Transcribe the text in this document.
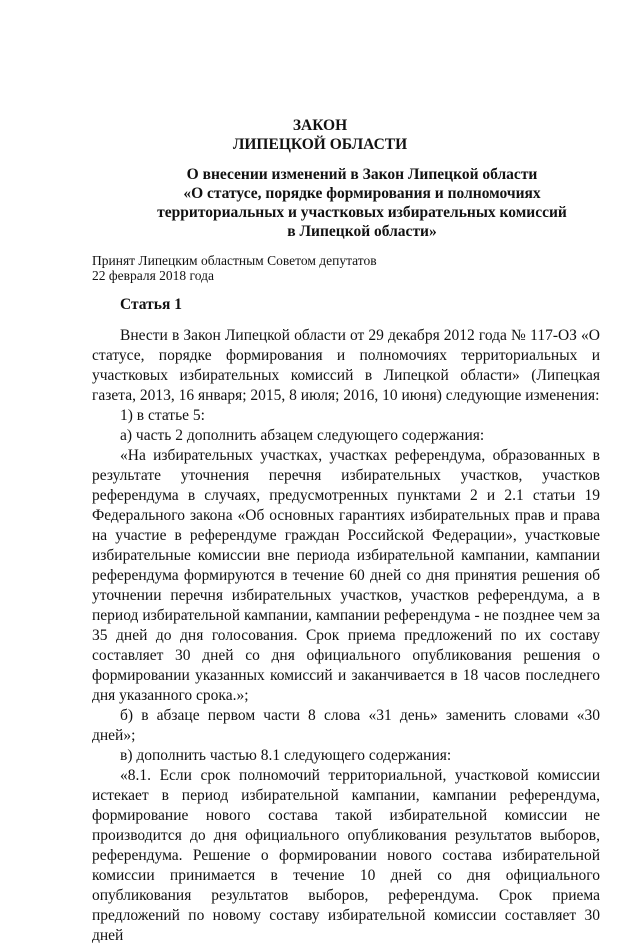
ЗАКОН
ЛИПЕЦКОЙ ОБЛАСТИ
О внесении изменений в Закон Липецкой области
«О статусе, порядке формирования и полномочиях
территориальных и участковых избирательных комиссий
в Липецкой области»
Принят Липецким областным Советом депутатов
22 февраля 2018 года
Статья 1

Внести в Закон Липецкой области от 29 декабря 2012 года № 117-ОЗ «О статусе, порядке формирования и полномочиях территориальных и участковых избирательных комиссий в Липецкой области» (Липецкая газета, 2013, 16 января; 2015, 8 июля; 2016, 10 июня) следующие изменения:

1) в статье 5:

а) часть 2 дополнить абзацем следующего содержания:

«На избирательных участках, участках референдума, образованных в результате уточнения перечня избирательных участков, участков референдума в случаях, предусмотренных пунктами 2 и 2.1 статьи 19 Федерального закона «Об основных гарантиях избирательных прав и права на участие в референдуме граждан Российской Федерации», участковые избирательные комиссии вне периода избирательной кампании, кампании референдума формируются в течение 60 дней со дня принятия решения об уточнении перечня избирательных участков, участков референдума, а в период избирательной кампании, кампании референдума - не позднее чем за 35 дней до дня голосования. Срок приема предложений по их составу составляет 30 дней со дня официального опубликования решения о формировании указанных комиссий и заканчивается в 18 часов последнего дня указанного срока.»;

б) в абзаце первом части 8 слова «31 день» заменить словами «30 дней»;

в) дополнить частью 8.1 следующего содержания:

«8.1. Если срок полномочий территориальной, участковой комиссии истекает в период избирательной кампании, кампании референдума, формирование нового состава такой избирательной комиссии не производится до дня официального опубликования результатов выборов, референдума. Решение о формировании нового состава избирательной комиссии принимается в течение 10 дней со дня официального опубликования результатов выборов, референдума. Срок приема предложений по новому составу избирательной комиссии составляет 30 дней
